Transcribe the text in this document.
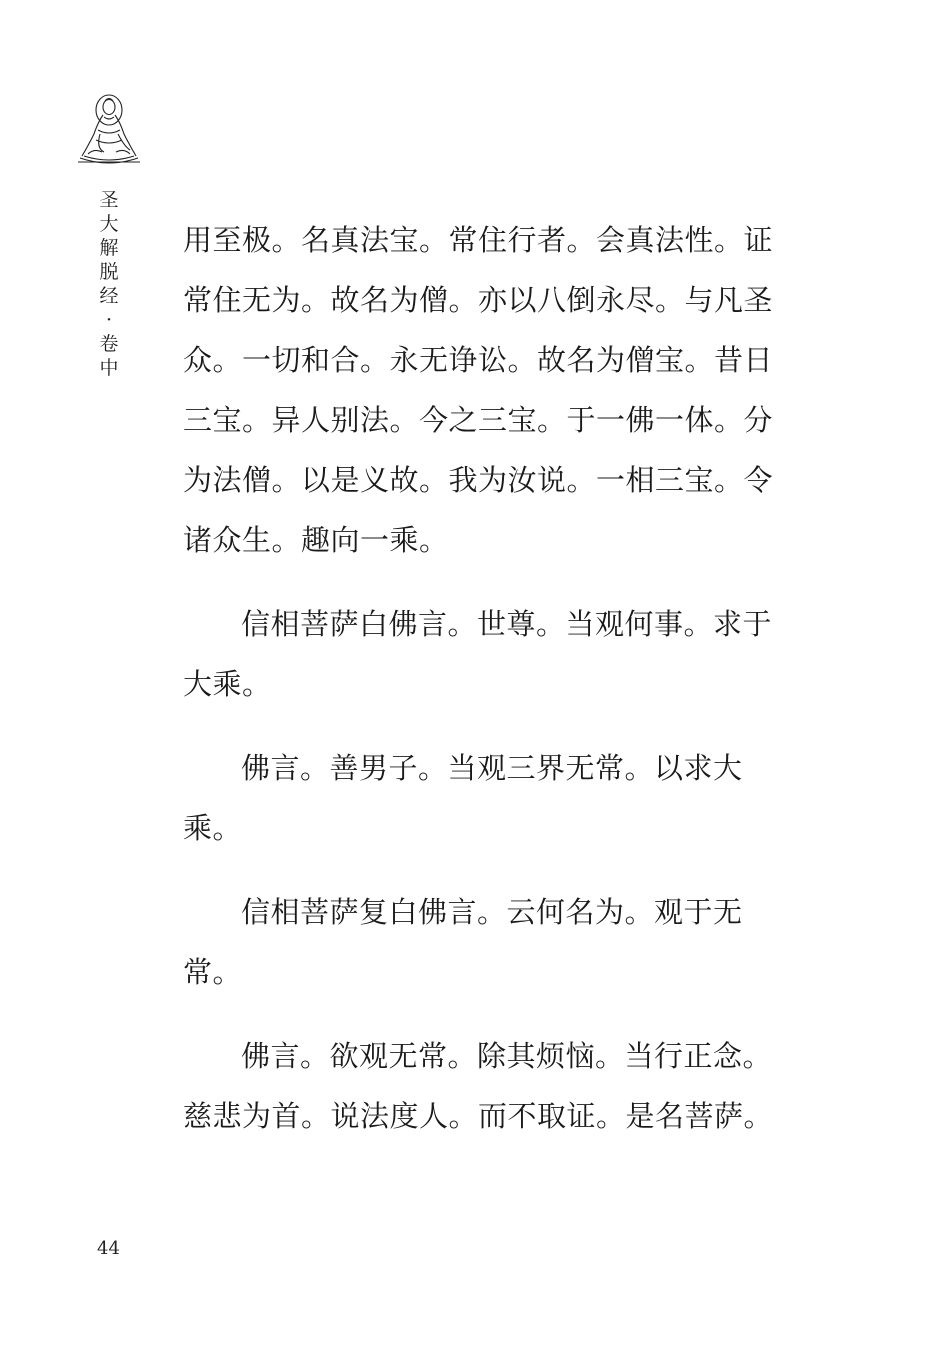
圣
大
解
脱
经
·
卷
中

用至极。名真法宝。常住行者。会真法性。证常住无为。故名为僧。亦以八倒永尽。与凡圣众。一切和合。永无诤讼。故名为僧宝。昔日三宝。异人别法。今之三宝。于一佛一体。分为法僧。以是义故。我为汝说。一相三宝。令诸众生。趣向一乘。

信相菩萨白佛言。世尊。当观何事。求于大乘。

佛言。善男子。当观三界无常。以求大乘。

信相菩萨复白佛言。云何名为。观于无常。

佛言。欲观无常。除其烦恼。当行正念。慈悲为首。说法度人。而不取证。是名菩萨。

44
